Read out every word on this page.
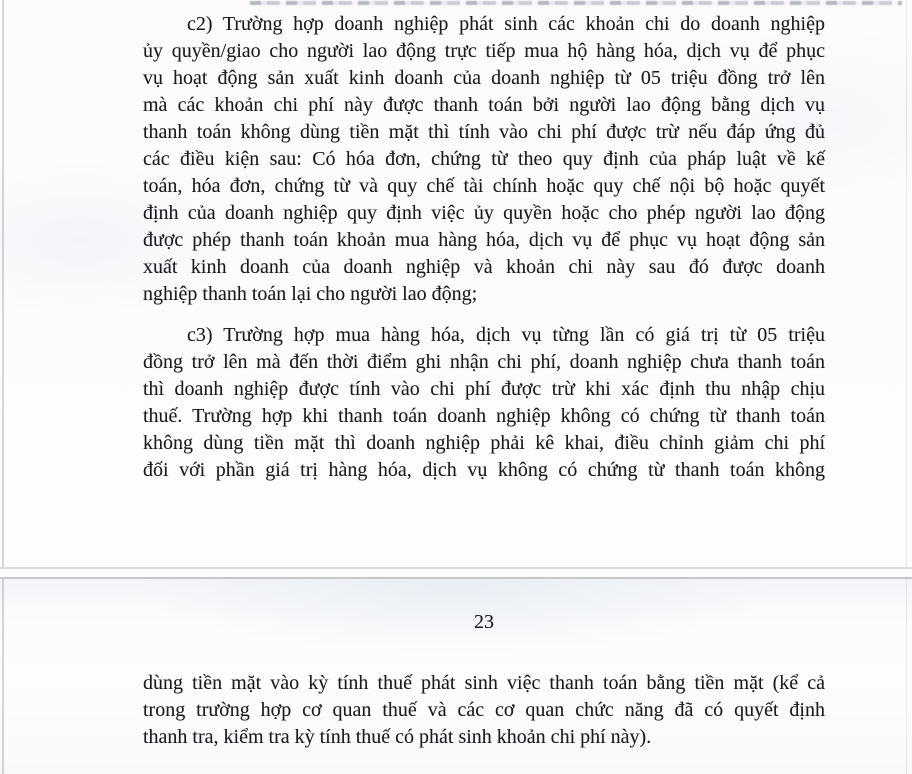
c2) Trường hợp doanh nghiệp phát sinh các khoản chi do doanh nghiệp
ủy quyền/giao cho người lao động trực tiếp mua hộ hàng hóa, dịch vụ để phục
vụ hoạt động sản xuất kinh doanh của doanh nghiệp từ 05 triệu đồng trở lên
mà các khoản chi phí này được thanh toán bởi người lao động bằng dịch vụ
thanh toán không dùng tiền mặt thì tính vào chi phí được trừ nếu đáp ứng đủ
các điều kiện sau: Có hóa đơn, chứng từ theo quy định của pháp luật về kế
toán, hóa đơn, chứng từ và quy chế tài chính hoặc quy chế nội bộ hoặc quyết
định của doanh nghiệp quy định việc ủy quyền hoặc cho phép người lao động
được phép thanh toán khoản mua hàng hóa, dịch vụ để phục vụ hoạt động sản
xuất kinh doanh của doanh nghiệp và khoản chi này sau đó được doanh
nghiệp thanh toán lại cho người lao động;
c3) Trường hợp mua hàng hóa, dịch vụ từng lần có giá trị từ 05 triệu
đồng trở lên mà đến thời điểm ghi nhận chi phí, doanh nghiệp chưa thanh toán
thì doanh nghiệp được tính vào chi phí được trừ khi xác định thu nhập chịu
thuế. Trường hợp khi thanh toán doanh nghiệp không có chứng từ thanh toán
không dùng tiền mặt thì doanh nghiệp phải kê khai, điều chỉnh giảm chi phí
đối với phần giá trị hàng hóa, dịch vụ không có chứng từ thanh toán không
23
dùng tiền mặt vào kỳ tính thuế phát sinh việc thanh toán bằng tiền mặt (kể cả
trong trường hợp cơ quan thuế và các cơ quan chức năng đã có quyết định
thanh tra, kiểm tra kỳ tính thuế có phát sinh khoản chi phí này).
